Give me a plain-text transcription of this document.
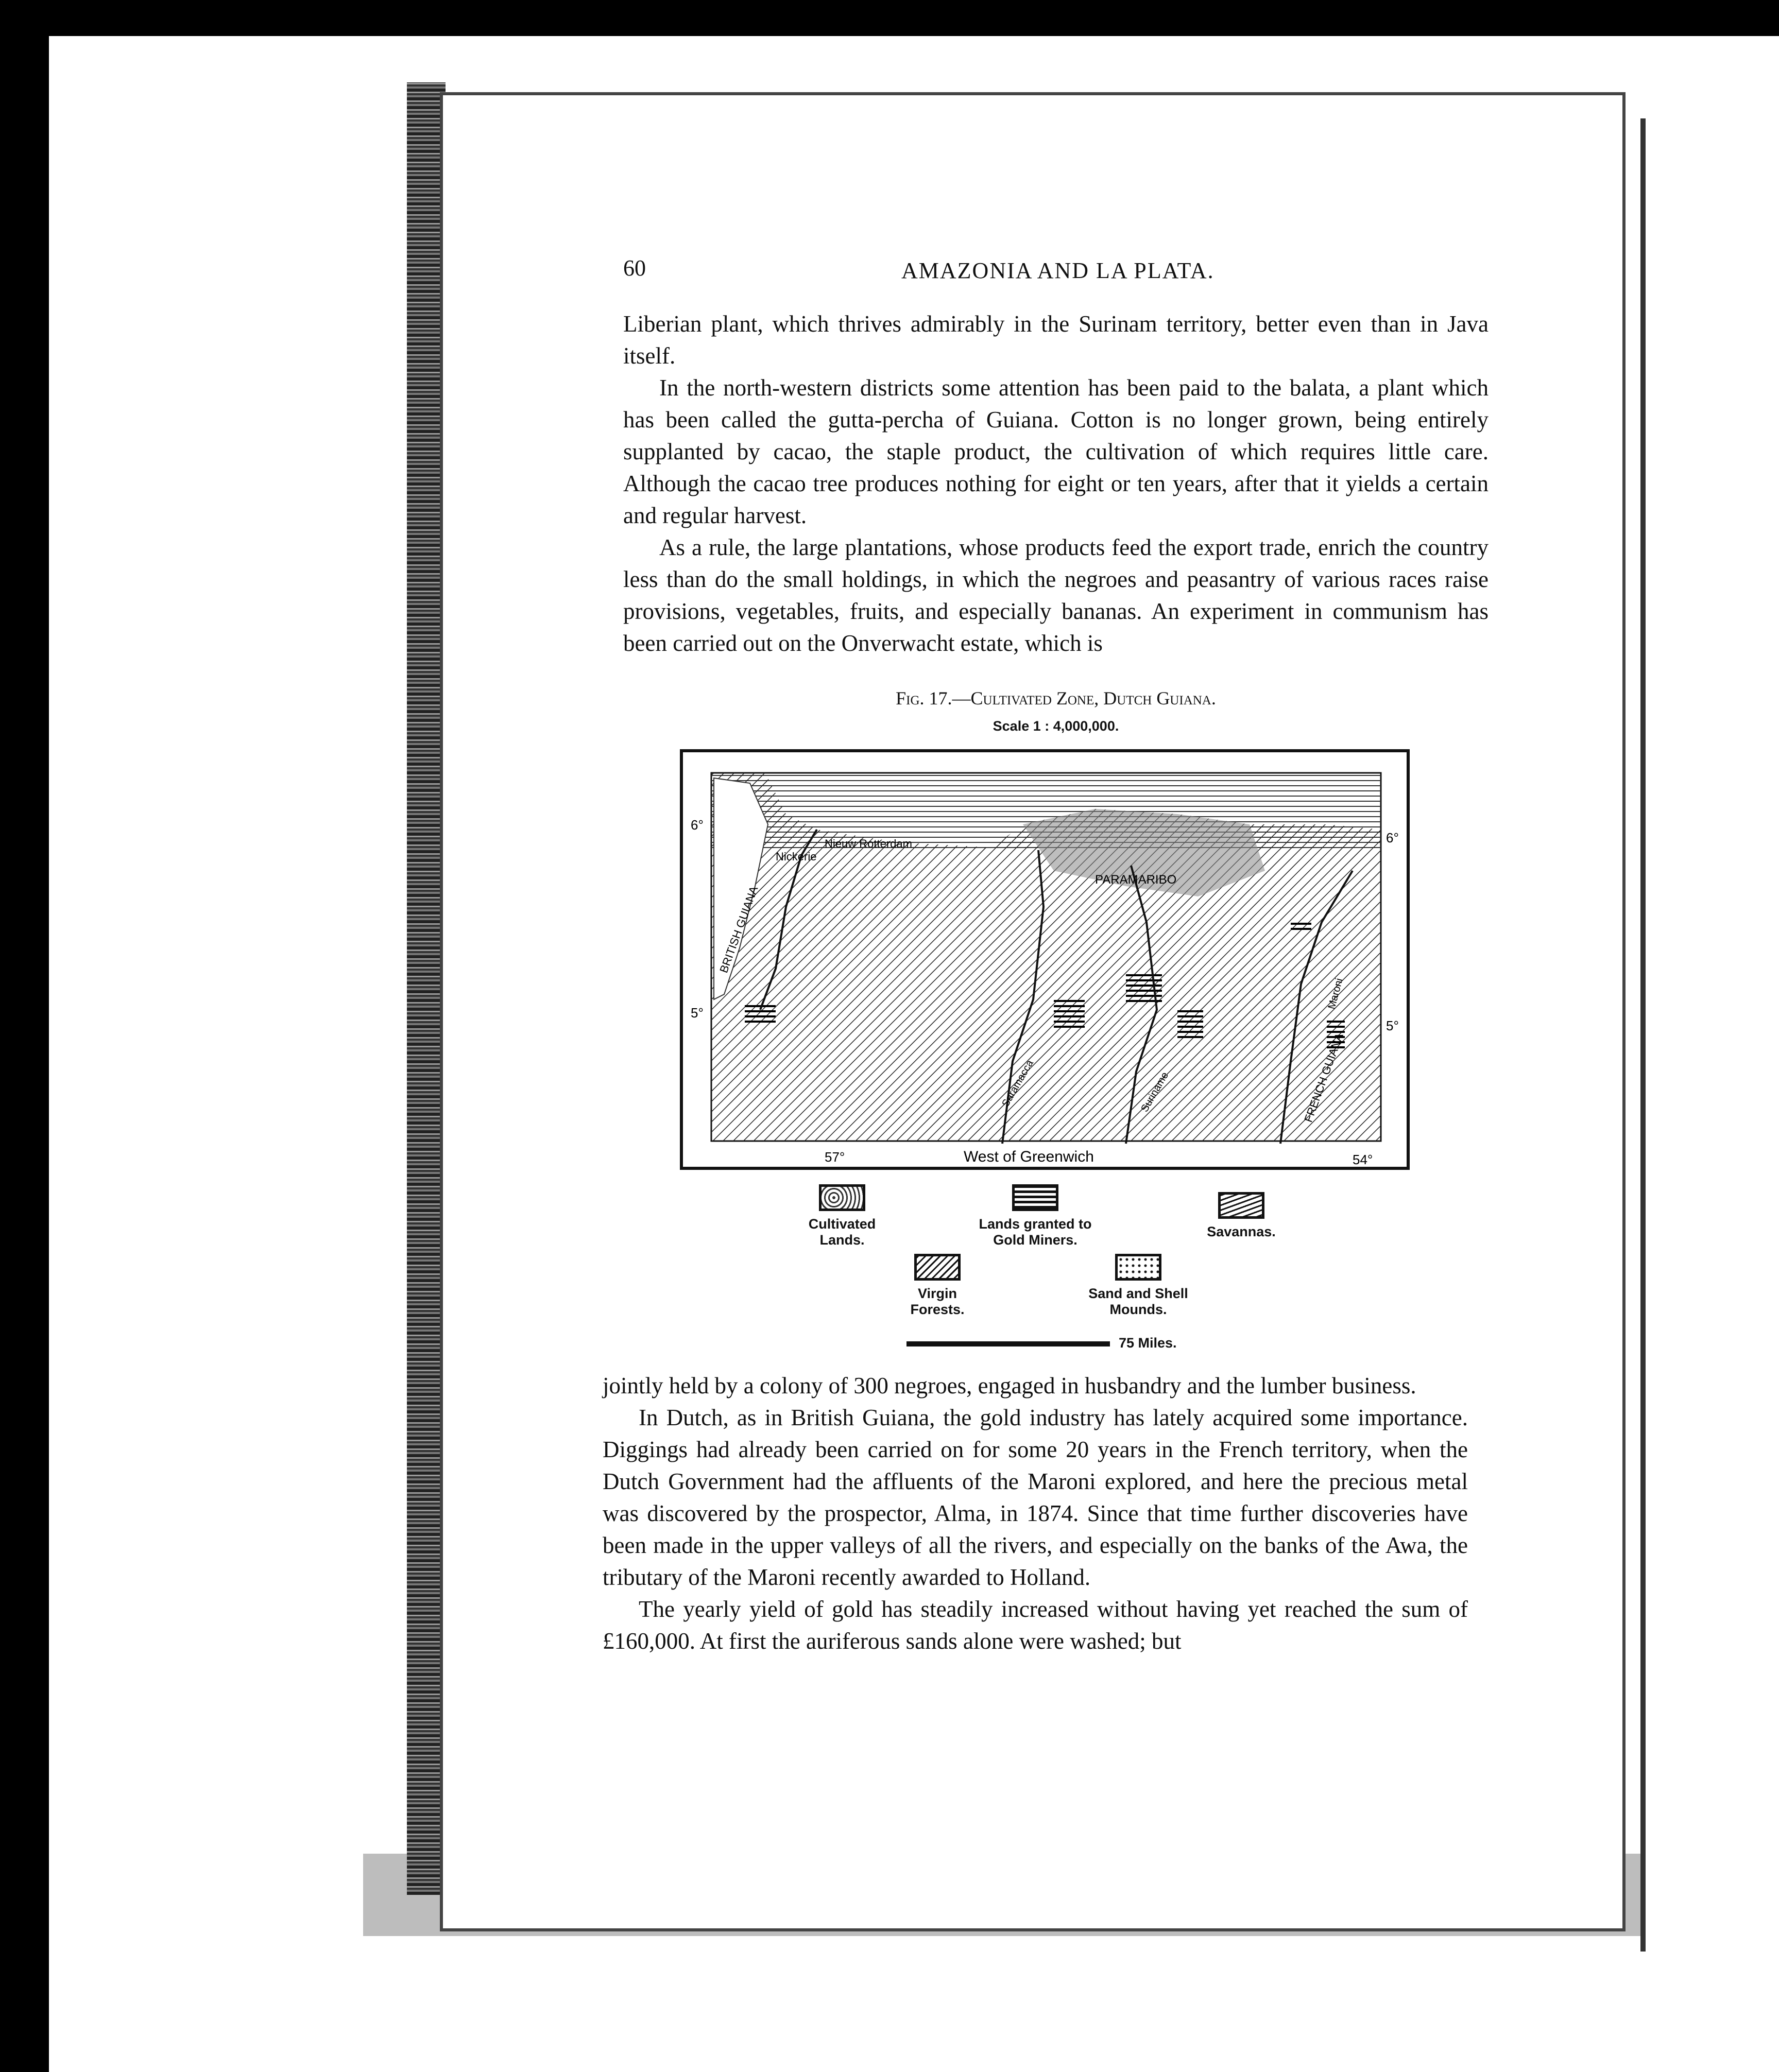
60	AMAZONIA AND LA PLATA.

Liberian plant, which thrives admirably in the Surinam territory, better even than in Java itself.

In the north-western districts some attention has been paid to the balata, a plant which has been called the gutta-percha of Guiana. Cotton is no longer grown, being entirely supplanted by cacao, the staple product, the cultivation of which requires little care. Although the cacao tree produces nothing for eight or ten years, after that it yields a certain and regular harvest.

As a rule, the large plantations, whose products feed the export trade, enrich the country less than do the small holdings, in which the negroes and peasantry of various races raise provisions, vegetables, fruits, and especially bananas. An experiment in communism has been carried out on the Onverwacht estate, which is

Fig. 17.—Cultivated Zone, Dutch Guiana.
Scale 1 : 4,000,000.
6°
6°
5°
5°
57°	54°
West of Greenwich
Nieuw Rotterdam
Nickerie
PARAMARIBO
BRITISH GUIANA
FRENCH GUIANA
Saramacca	Suriname
Maroni
Cultivated Lands.
Lands granted to Gold Miners.
Savannas.
Virgin Forests.
Sand and Shell Mounds.
75 Miles.

jointly held by a colony of 300 negroes, engaged in husbandry and the lumber business.

In Dutch, as in British Guiana, the gold industry has lately acquired some importance. Diggings had already been carried on for some 20 years in the French territory, when the Dutch Government had the affluents of the Maroni explored, and here the precious metal was discovered by the prospector, Alma, in 1874. Since that time further discoveries have been made in the upper valleys of all the rivers, and especially on the banks of the Awa, the tributary of the Maroni recently awarded to Holland.

The yearly yield of gold has steadily increased without having yet reached the sum of £160,000. At first the auriferous sands alone were washed; but
